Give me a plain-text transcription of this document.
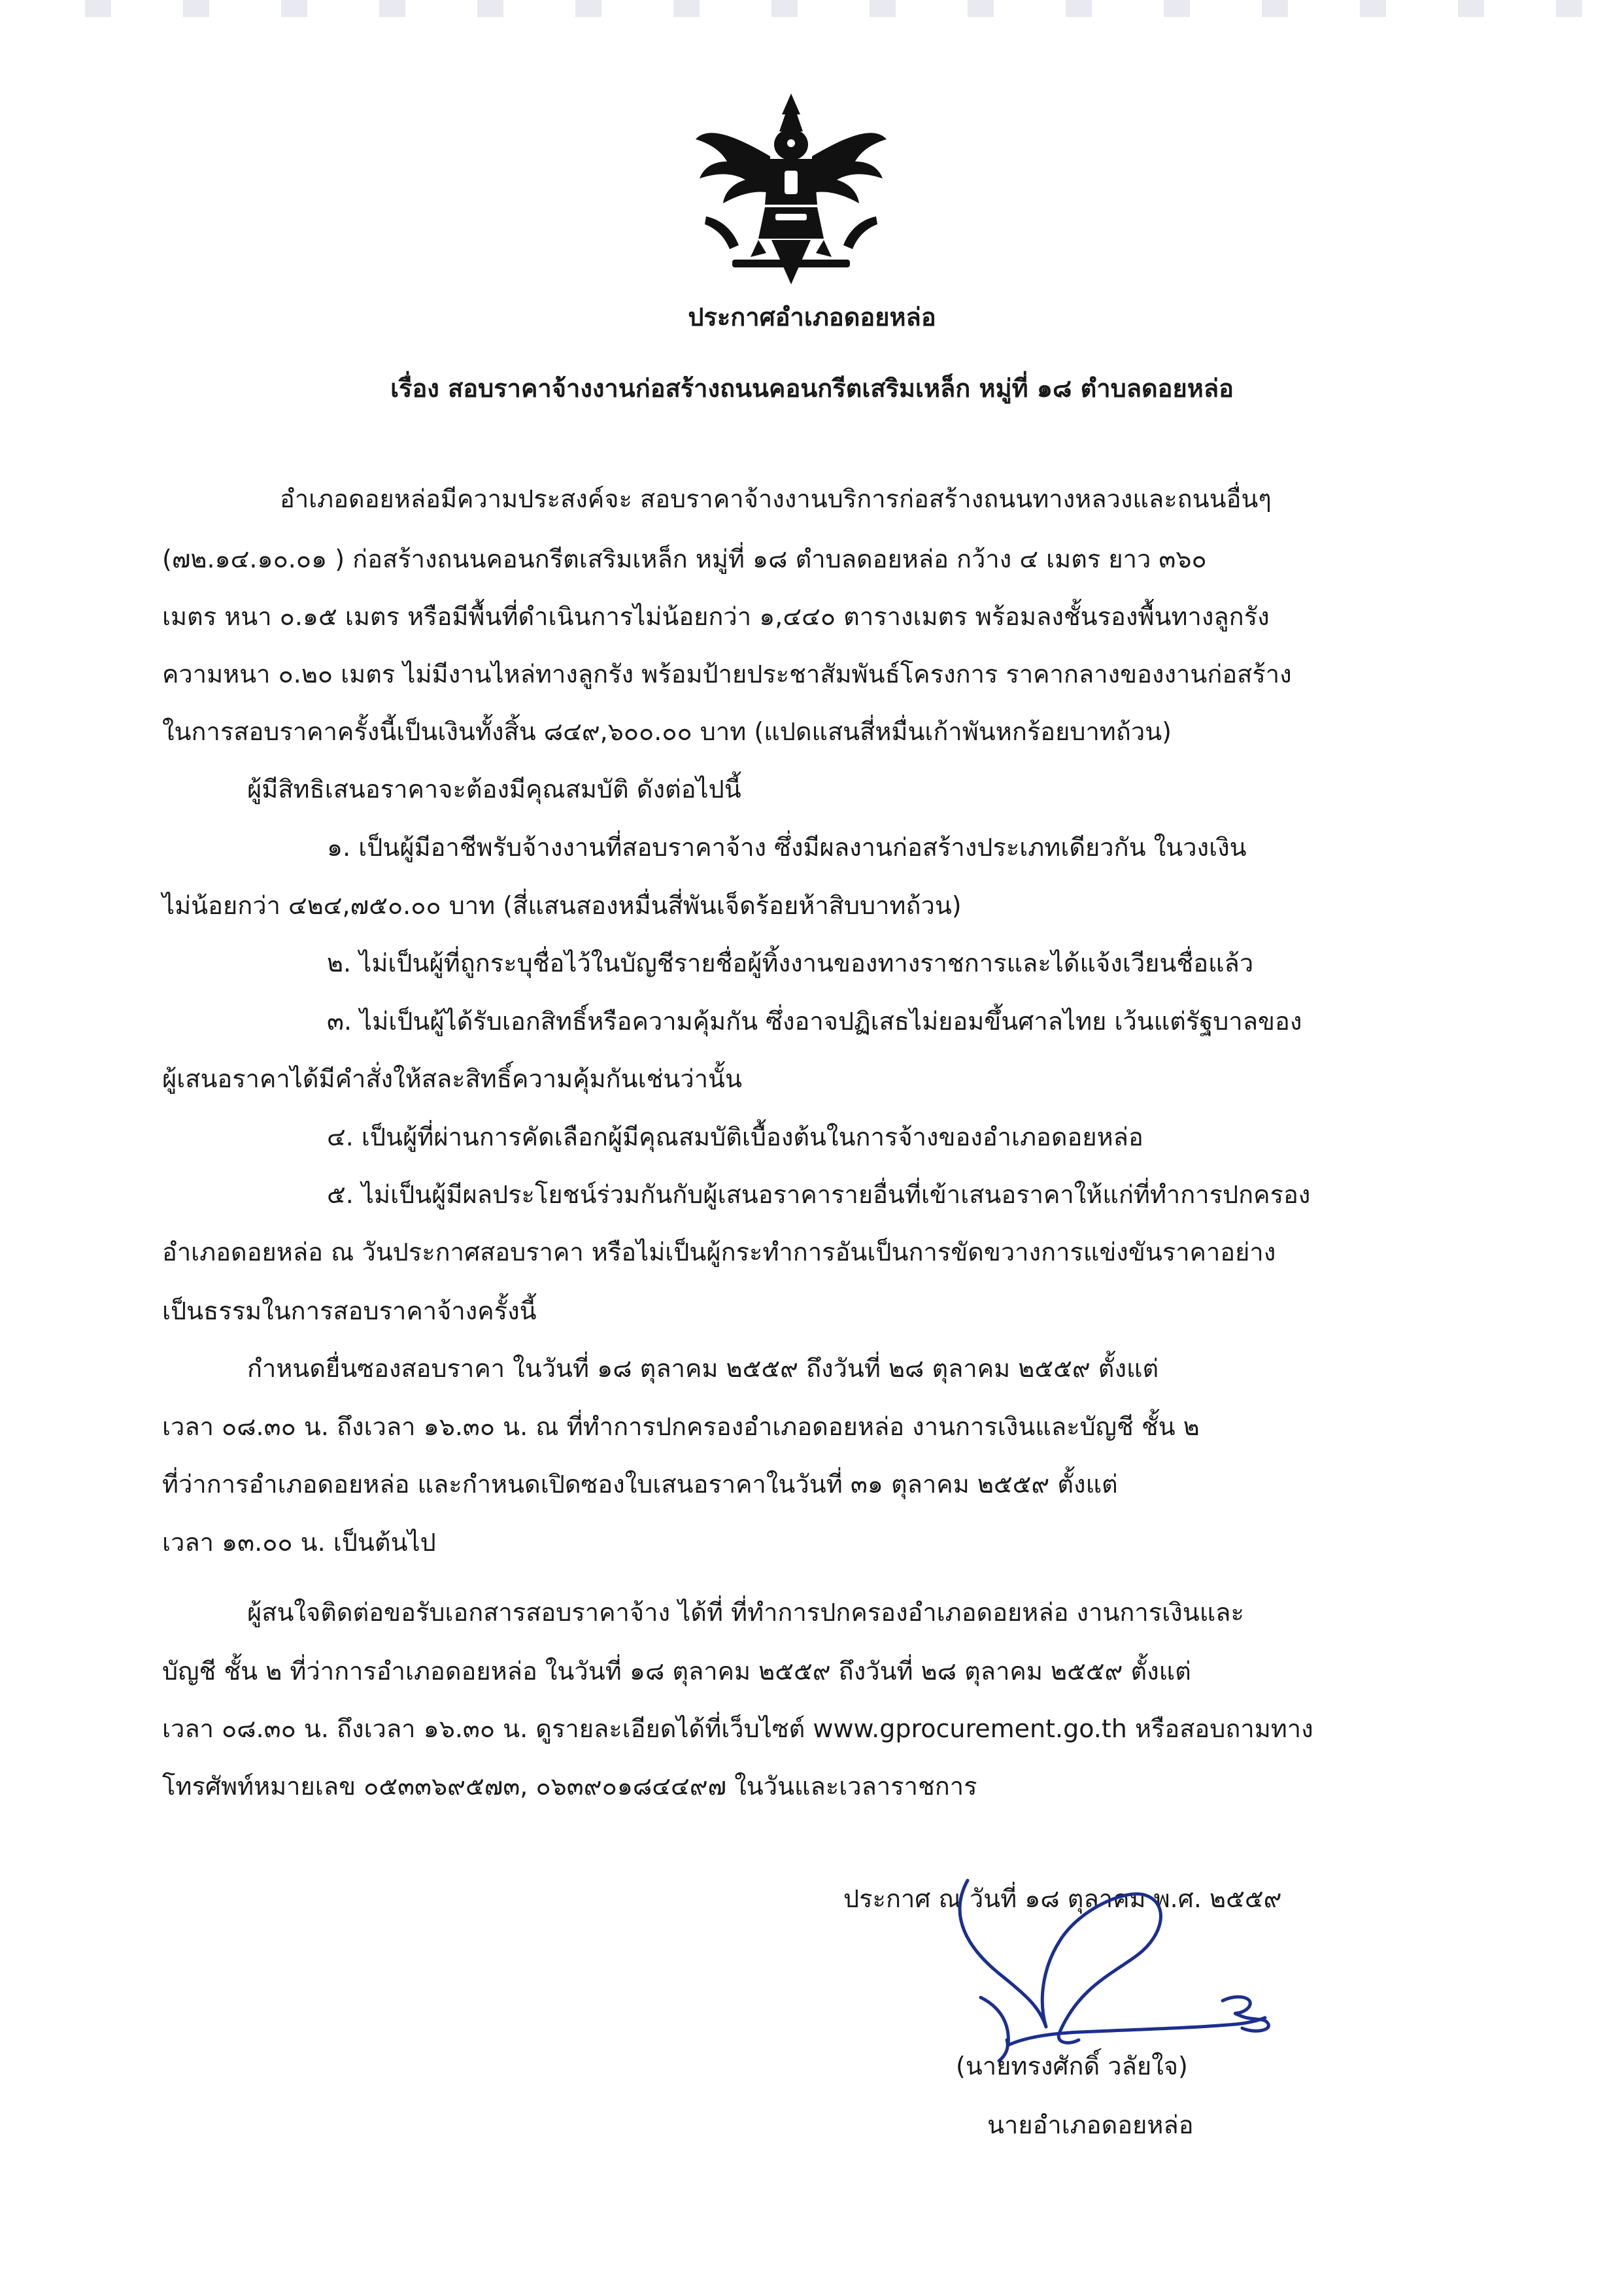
ประกาศอำเภอดอยหล่อ
เรื่อง สอบราคาจ้างงานก่อสร้างถนนคอนกรีตเสริมเหล็ก หมู่ที่ ๑๘ ตำบลดอยหล่อ
อำเภอดอยหล่อมีความประสงค์จะ สอบราคาจ้างงานบริการก่อสร้างถนนทางหลวงและถนนอื่นๆ
(๗๒.๑๔.๑๐.๐๑ ) ก่อสร้างถนนคอนกรีตเสริมเหล็ก หมู่ที่ ๑๘ ตำบลดอยหล่อ กว้าง ๔ เมตร ยาว ๓๖๐
เมตร หนา ๐.๑๕ เมตร หรือมีพื้นที่ดำเนินการไม่น้อยกว่า ๑,๔๔๐ ตารางเมตร พร้อมลงชั้นรองพื้นทางลูกรัง
ความหนา ๐.๒๐ เมตร ไม่มีงานไหล่ทางลูกรัง พร้อมป้ายประชาสัมพันธ์โครงการ ราคากลางของงานก่อสร้าง
ในการสอบราคาครั้งนี้เป็นเงินทั้งสิ้น ๘๔๙,๖๐๐.๐๐ บาท (แปดแสนสี่หมื่นเก้าพันหกร้อยบาทถ้วน)
ผู้มีสิทธิเสนอราคาจะต้องมีคุณสมบัติ ดังต่อไปนี้
๑. เป็นผู้มีอาชีพรับจ้างงานที่สอบราคาจ้าง ซึ่งมีผลงานก่อสร้างประเภทเดียวกัน ในวงเงิน
ไม่น้อยกว่า ๔๒๔,๗๕๐.๐๐ บาท (สี่แสนสองหมื่นสี่พันเจ็ดร้อยห้าสิบบาทถ้วน)
๒. ไม่เป็นผู้ที่ถูกระบุชื่อไว้ในบัญชีรายชื่อผู้ทิ้งงานของทางราชการและได้แจ้งเวียนชื่อแล้ว
๓. ไม่เป็นผู้ได้รับเอกสิทธิ์หรือความคุ้มกัน ซึ่งอาจปฏิเสธไม่ยอมขึ้นศาลไทย เว้นแต่รัฐบาลของ
ผู้เสนอราคาได้มีคำสั่งให้สละสิทธิ์ความคุ้มกันเช่นว่านั้น
๔. เป็นผู้ที่ผ่านการคัดเลือกผู้มีคุณสมบัติเบื้องต้นในการจ้างของอำเภอดอยหล่อ
๕. ไม่เป็นผู้มีผลประโยชน์ร่วมกันกับผู้เสนอราคารายอื่นที่เข้าเสนอราคาให้แก่ที่ทำการปกครอง
อำเภอดอยหล่อ ณ วันประกาศสอบราคา หรือไม่เป็นผู้กระทำการอันเป็นการขัดขวางการแข่งขันราคาอย่าง
เป็นธรรมในการสอบราคาจ้างครั้งนี้
กำหนดยื่นซองสอบราคา ในวันที่ ๑๘ ตุลาคม ๒๕๕๙ ถึงวันที่ ๒๘ ตุลาคม ๒๕๕๙ ตั้งแต่
เวลา ๐๘.๓๐ น. ถึงเวลา ๑๖.๓๐ น. ณ ที่ทำการปกครองอำเภอดอยหล่อ งานการเงินและบัญชี ชั้น ๒
ที่ว่าการอำเภอดอยหล่อ และกำหนดเปิดซองใบเสนอราคาในวันที่ ๓๑ ตุลาคม ๒๕๕๙ ตั้งแต่
เวลา ๑๓.๐๐ น. เป็นต้นไป
ผู้สนใจติดต่อขอรับเอกสารสอบราคาจ้าง ได้ที่ ที่ทำการปกครองอำเภอดอยหล่อ งานการเงินและ
บัญชี ชั้น ๒ ที่ว่าการอำเภอดอยหล่อ ในวันที่ ๑๘ ตุลาคม ๒๕๕๙ ถึงวันที่ ๒๘ ตุลาคม ๒๕๕๙ ตั้งแต่
เวลา ๐๘.๓๐ น. ถึงเวลา ๑๖.๓๐ น. ดูรายละเอียดได้ที่เว็บไซต์ www.gprocurement.go.th หรือสอบถามทาง
โทรศัพท์หมายเลข ๐๕๓๓๖๙๕๗๓, ๐๖๓๙๐๑๘๔๔๙๗ ในวันและเวลาราชการ
ประกาศ ณ วันที่ ๑๘ ตุลาคม พ.ศ. ๒๕๕๙
(นายทรงศักดิ์ วลัยใจ)
นายอำเภอดอยหล่อ
